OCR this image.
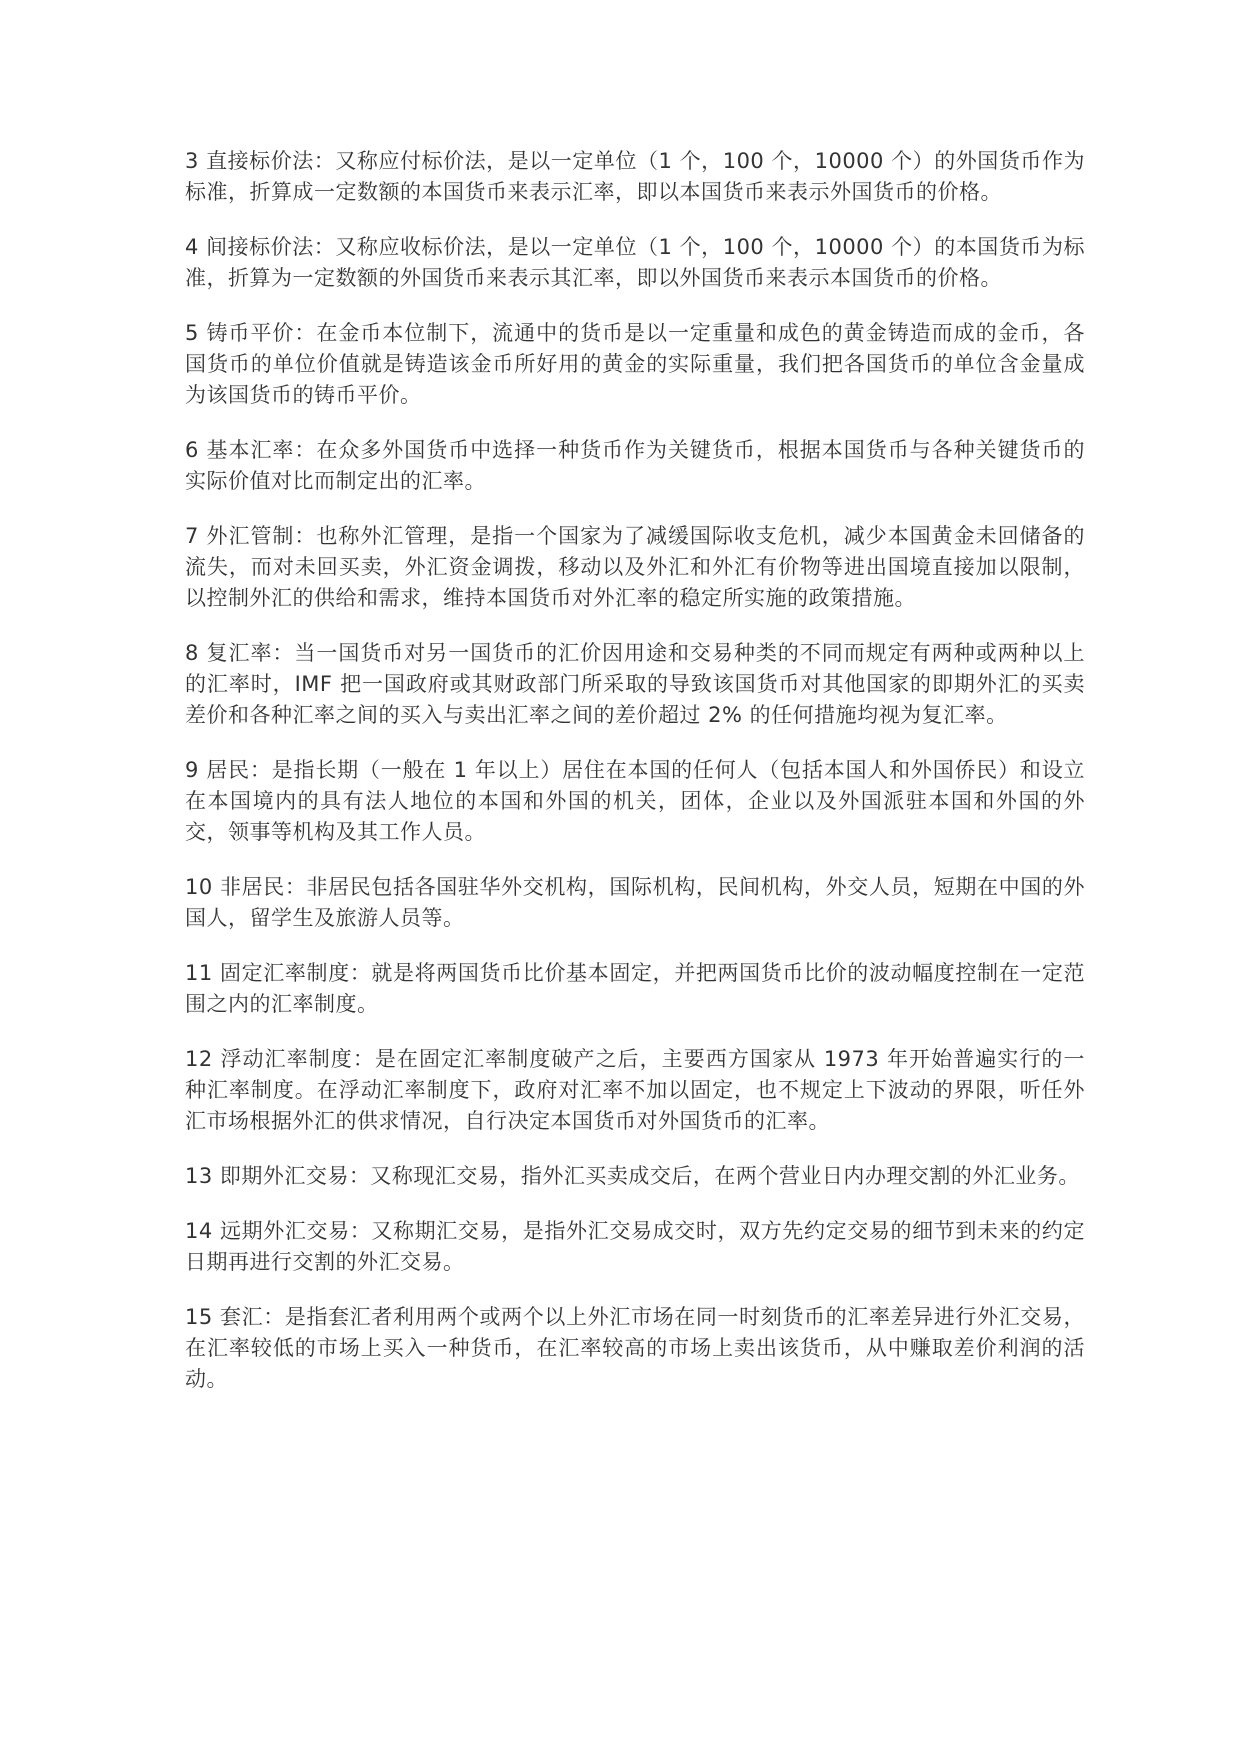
3 直接标价法：又称应付标价法，是以一定单位（1 个，100 个，10000 个）的外国货币作为标准，折算成一定数额的本国货币来表示汇率，即以本国货币来表示外国货币的价格。

4 间接标价法：又称应收标价法，是以一定单位（1 个，100 个，10000 个）的本国货币为标准，折算为一定数额的外国货币来表示其汇率，即以外国货币来表示本国货币的价格。

5 铸币平价：在金币本位制下，流通中的货币是以一定重量和成色的黄金铸造而成的金币，各国货币的单位价值就是铸造该金币所好用的黄金的实际重量，我们把各国货币的单位含金量成为该国货币的铸币平价。

6 基本汇率：在众多外国货币中选择一种货币作为关键货币，根据本国货币与各种关键货币的实际价值对比而制定出的汇率。

7 外汇管制：也称外汇管理，是指一个国家为了减缓国际收支危机，减少本国黄金未回储备的流失，而对未回买卖，外汇资金调拨，移动以及外汇和外汇有价物等进出国境直接加以限制，以控制外汇的供给和需求，维持本国货币对外汇率的稳定所实施的政策措施。

8 复汇率：当一国货币对另一国货币的汇价因用途和交易种类的不同而规定有两种或两种以上的汇率时，IMF 把一国政府或其财政部门所采取的导致该国货币对其他国家的即期外汇的买卖差价和各种汇率之间的买入与卖出汇率之间的差价超过 2% 的任何措施均视为复汇率。

9 居民：是指长期（一般在 1 年以上）居住在本国的任何人（包括本国人和外国侨民）和设立在本国境内的具有法人地位的本国和外国的机关，团体，企业以及外国派驻本国和外国的外交，领事等机构及其工作人员。

10 非居民：非居民包括各国驻华外交机构，国际机构，民间机构，外交人员，短期在中国的外国人，留学生及旅游人员等。

11 固定汇率制度：就是将两国货币比价基本固定，并把两国货币比价的波动幅度控制在一定范围之内的汇率制度。

12 浮动汇率制度：是在固定汇率制度破产之后，主要西方国家从 1973 年开始普遍实行的一种汇率制度。在浮动汇率制度下，政府对汇率不加以固定，也不规定上下波动的界限，听任外汇市场根据外汇的供求情况，自行决定本国货币对外国货币的汇率。

13 即期外汇交易：又称现汇交易，指外汇买卖成交后，在两个营业日内办理交割的外汇业务。

14 远期外汇交易：又称期汇交易，是指外汇交易成交时，双方先约定交易的细节到未来的约定日期再进行交割的外汇交易。

15 套汇：是指套汇者利用两个或两个以上外汇市场在同一时刻货币的汇率差异进行外汇交易，在汇率较低的市场上买入一种货币，在汇率较高的市场上卖出该货币，从中赚取差价利润的活动。
